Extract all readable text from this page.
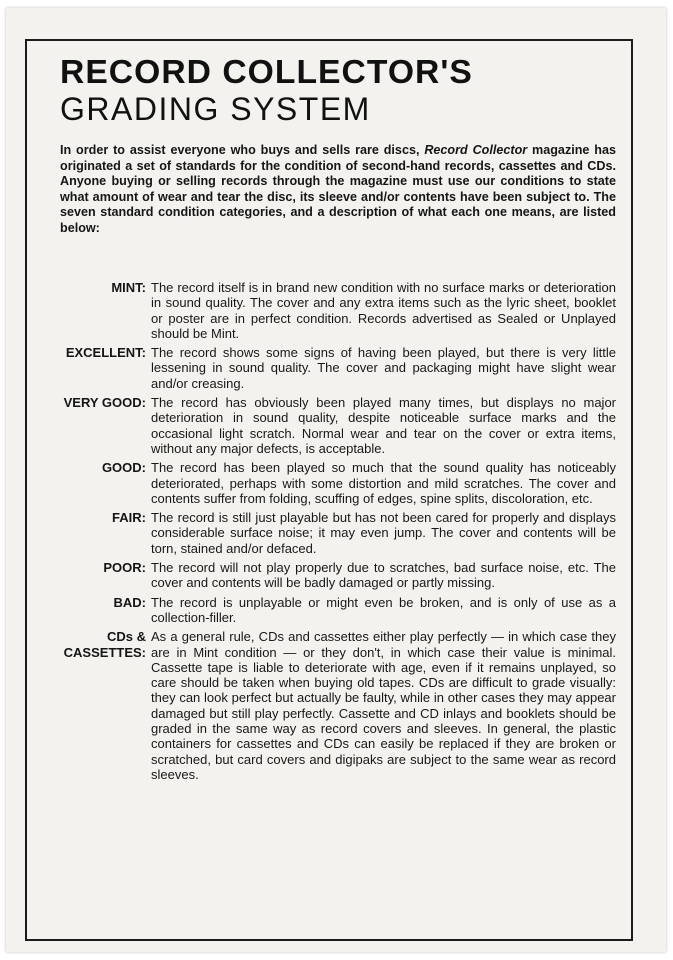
RECORD COLLECTOR'S
GRADING SYSTEM

In order to assist everyone who buys and sells rare discs, Record Collector magazine has originated a set of standards for the condition of second-hand records, cassettes and CDs. Anyone buying or selling records through the magazine must use our conditions to state what amount of wear and tear the disc, its sleeve and/or contents have been subject to. The seven standard condition categories, and a description of what each one means, are listed below:

MINT: The record itself is in brand new condition with no surface marks or deterioration in sound quality. The cover and any extra items such as the lyric sheet, booklet or poster are in perfect condition. Records advertised as Sealed or Unplayed should be Mint.

EXCELLENT: The record shows some signs of having been played, but there is very little lessening in sound quality. The cover and packaging might have slight wear and/or creasing.

VERY GOOD: The record has obviously been played many times, but displays no major deterioration in sound quality, despite noticeable surface marks and the occasional light scratch. Normal wear and tear on the cover or extra items, without any major defects, is acceptable.

GOOD: The record has been played so much that the sound quality has noticeably deteriorated, perhaps with some distortion and mild scratches. The cover and contents suffer from folding, scuffing of edges, spine splits, discoloration, etc.

FAIR: The record is still just playable but has not been cared for properly and displays considerable surface noise; it may even jump. The cover and contents will be torn, stained and/or defaced.

POOR: The record will not play properly due to scratches, bad surface noise, etc. The cover and contents will be badly damaged or partly missing.

BAD: The record is unplayable or might even be broken, and is only of use as a collection-filler.

CDs &
CASSETTES:

As a general rule, CDs and cassettes either play perfectly — in which case they are in Mint condition — or they don't, in which case their value is minimal. Cassette tape is liable to deteriorate with age, even if it remains unplayed, so care should be taken when buying old tapes. CDs are difficult to grade visually: they can look perfect but actually be faulty, while in other cases they may appear damaged but still play perfectly. Cassette and CD inlays and booklets should be graded in the same way as record covers and sleeves. In general, the plastic containers for cassettes and CDs can easily be replaced if they are broken or scratched, but card covers and digipaks are subject to the same wear as record sleeves.
